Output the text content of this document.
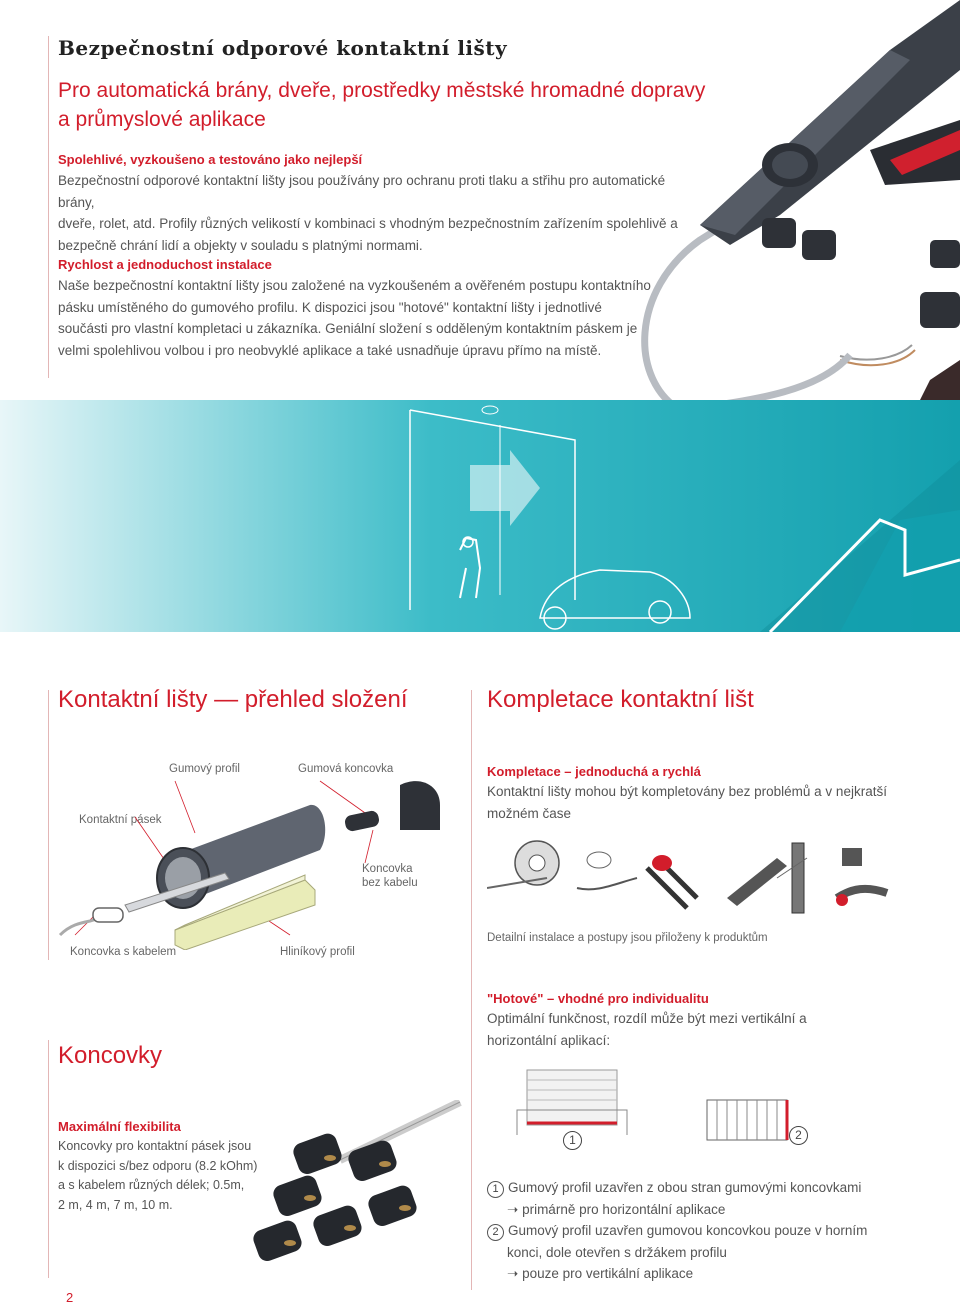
Bezpečnostní odporové kontaktní lišty
Pro automatická brány, dveře, prostředky městské hromadné dopravy
a průmyslové aplikace
Spolehlivé, vyzkoušeno a testováno jako nejlepší
Bezpečnostní odporové kontaktní lišty jsou používány pro ochranu proti tlaku a střihu pro automatické brány,
dveře, rolet, atd. Profily různých velikostí v kombinaci s vhodným bezpečnostním zařízením spolehlivě a
bezpečně chrání lidí a objekty v souladu s platnými normami.
Rychlost a jednoduchost instalace
Naše bezpečnostní kontaktní lišty jsou založené na vyzkoušeném a ověřeném postupu kontaktního
pásku umístěného do gumového profilu. K dispozici jsou "hotové" kontaktní lišty i jednotlivé
součásti pro vlastní kompletaci u zákazníka. Geniální složení s odděleným kontaktním páskem je
velmi spolehlivou volbou i pro neobvyklé aplikace a také usnadňuje úpravu přímo na místě.
Kontaktní lišty — přehled složení
Gumový profil	Gumová koncovka
Kontaktní pásek
Koncovka
bez kabelu
Koncovka s kabelem	Hliníkový profil
Kompletace kontaktní lišt
Kompletace – jednoduchá a rychlá
Kontaktní lišty mohou být kompletovány bez problémů a v nejkratší
možném čase
Detailní instalace a postupy jsou přiloženy k produktům
"Hotové" – vhodné pro individualitu
Optimální funkčnost, rozdíl může být mezi vertikální a
horizontální aplikací:
1	2
1 Gumový profil uzavřen z obou stran gumovými koncovkami
➝ primárně pro horizontální aplikace
2 Gumový profil uzavřen gumovou koncovkou pouze v horním
konci, dole otevřen s držákem profilu
➝ pouze pro vertikální aplikace
Koncovky
Maximální flexibilita
Koncovky pro kontaktní pásek jsou
k dispozici s/bez odporu (8.2 kOhm)
a s kabelem různých délek; 0.5m,
2 m, 4 m, 7 m, 10 m.
2
